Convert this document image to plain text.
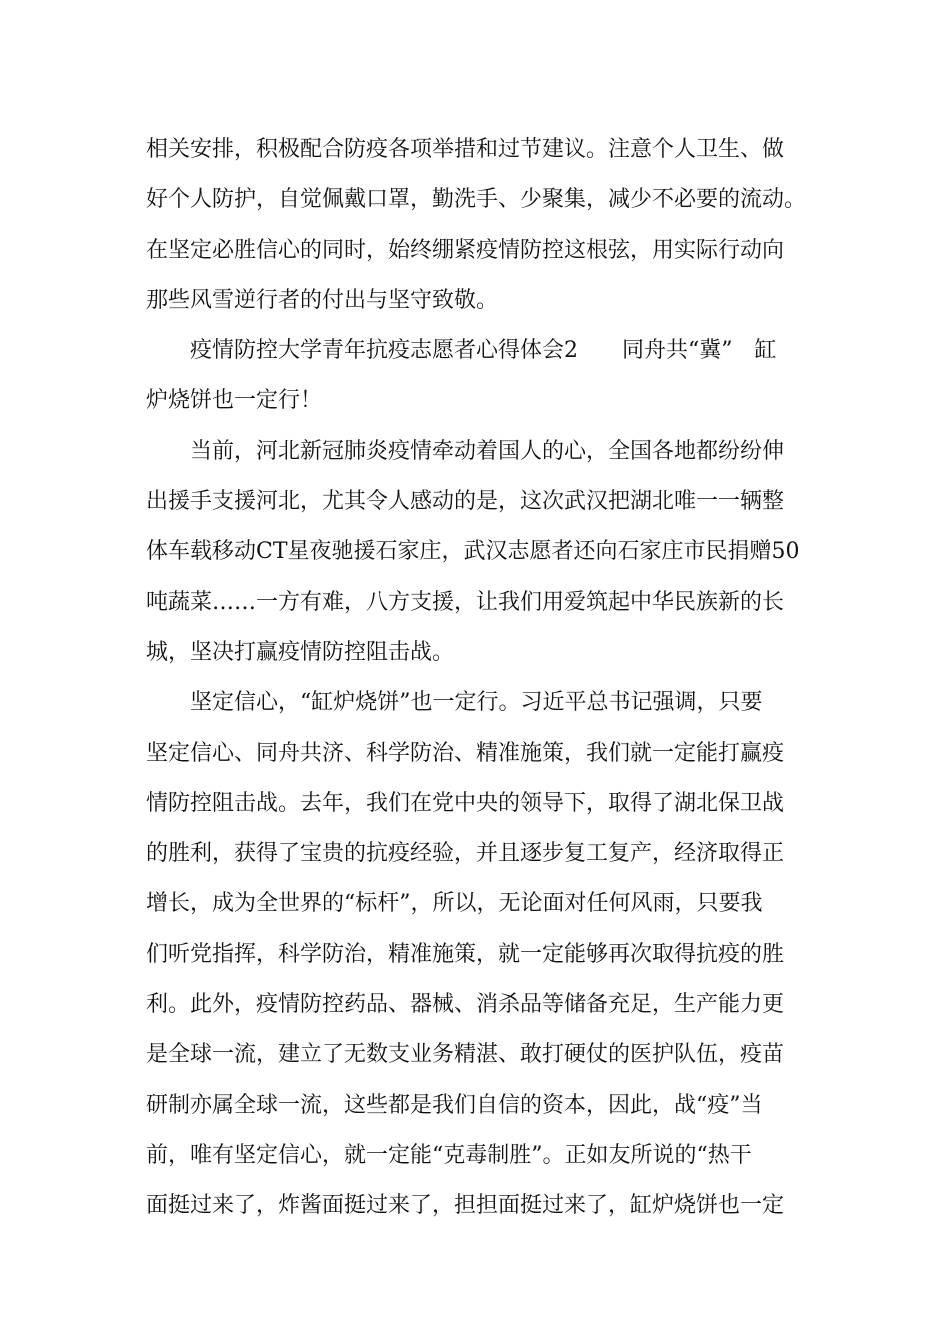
相关安排，积极配合防疫各项举措和过节建议。注意个人卫生、做
好个人防护，自觉佩戴口罩，勤洗手、少聚集，减少不必要的流动。
在坚定必胜信心的同时，始终绷紧疫情防控这根弦，用实际行动向
那些风雪逆行者的付出与坚守致敬。
疫情防控大学青年抗疫志愿者心得体会2　　同舟共“冀”　缸
炉烧饼也一定行！
当前，河北新冠肺炎疫情牵动着国人的心，全国各地都纷纷伸
出援手支援河北，尤其令人感动的是，这次武汉把湖北唯一一辆整
体车载移动CT星夜驰援石家庄，武汉志愿者还向石家庄市民捐赠50
吨蔬菜……一方有难，八方支援，让我们用爱筑起中华民族新的长
城，坚决打赢疫情防控阻击战。
坚定信心，“缸炉烧饼”也一定行。习近平总书记强调，只要
坚定信心、同舟共济、科学防治、精准施策，我们就一定能打赢疫
情防控阻击战。去年，我们在党中央的领导下，取得了湖北保卫战
的胜利，获得了宝贵的抗疫经验，并且逐步复工复产，经济取得正
增长，成为全世界的“标杆”，所以，无论面对任何风雨，只要我
们听党指挥，科学防治，精准施策，就一定能够再次取得抗疫的胜
利。此外，疫情防控药品、器械、消杀品等储备充足，生产能力更
是全球一流，建立了无数支业务精湛、敢打硬仗的医护队伍，疫苗
研制亦属全球一流，这些都是我们自信的资本，因此，战“疫”当
前，唯有坚定信心，就一定能“克毒制胜”。正如友所说的“热干
面挺过来了，炸酱面挺过来了，担担面挺过来了，缸炉烧饼也一定
